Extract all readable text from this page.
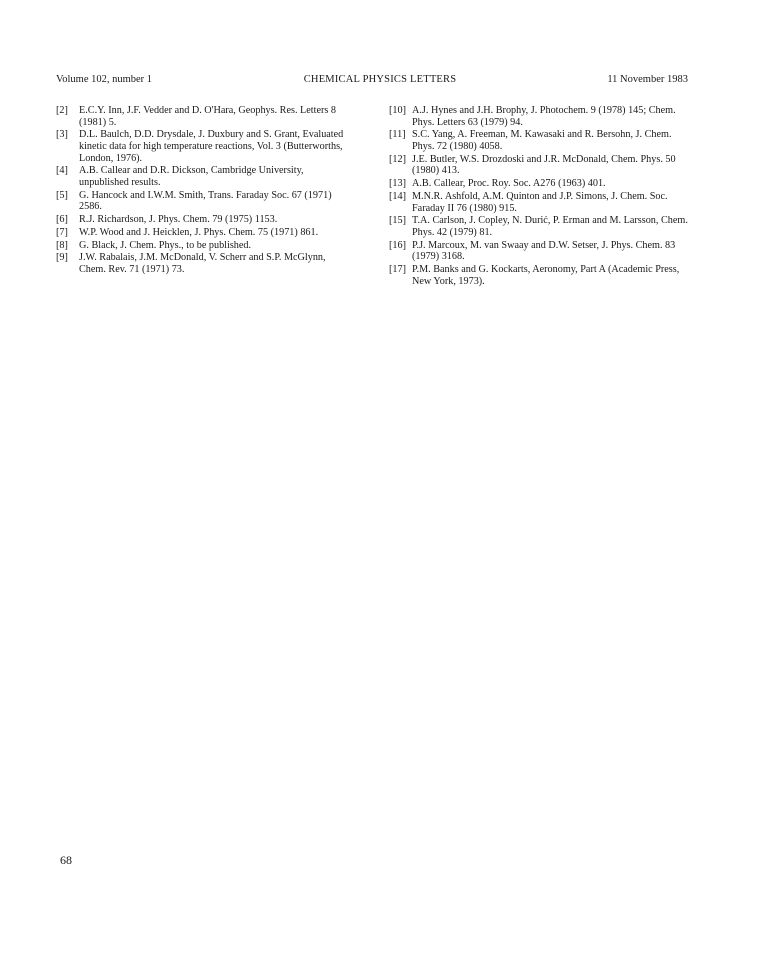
Volume 102, number 1	CHEMICAL PHYSICS LETTERS	11 November 1983
[2] E.C.Y. Inn, J.F. Vedder and D. O'Hara, Geophys. Res. Letters 8 (1981) 5.
[3] D.L. Baulch, D.D. Drysdale, J. Duxbury and S. Grant, Evaluated kinetic data for high temperature reactions, Vol. 3 (Butterworths, London, 1976).
[4] A.B. Callear and D.R. Dickson, Cambridge University, unpublished results.
[5] G. Hancock and I.W.M. Smith, Trans. Faraday Soc. 67 (1971) 2586.
[6] R.J. Richardson, J. Phys. Chem. 79 (1975) 1153.
[7] W.P. Wood and J. Heicklen, J. Phys. Chem. 75 (1971) 861.
[8] G. Black, J. Chem. Phys., to be published.
[9] J.W. Rabalais, J.M. McDonald, V. Scherr and S.P. McGlynn, Chem. Rev. 71 (1971) 73.
[10] A.J. Hynes and J.H. Brophy, J. Photochem. 9 (1978) 145; Chem. Phys. Letters 63 (1979) 94.
[11] S.C. Yang, A. Freeman, M. Kawasaki and R. Bersohn, J. Chem. Phys. 72 (1980) 4058.
[12] J.E. Butler, W.S. Drozdoski and J.R. McDonald, Chem. Phys. 50 (1980) 413.
[13] A.B. Callear, Proc. Roy. Soc. A276 (1963) 401.
[14] M.N.R. Ashfold, A.M. Quinton and J.P. Simons, J. Chem. Soc. Faraday II 76 (1980) 915.
[15] T.A. Carlson, J. Copley, N. Durić, P. Erman and M. Larsson, Chem. Phys. 42 (1979) 81.
[16] P.J. Marcoux, M. van Swaay and D.W. Setser, J. Phys. Chem. 83 (1979) 3168.
[17] P.M. Banks and G. Kockarts, Aeronomy, Part A (Academic Press, New York, 1973).
68
